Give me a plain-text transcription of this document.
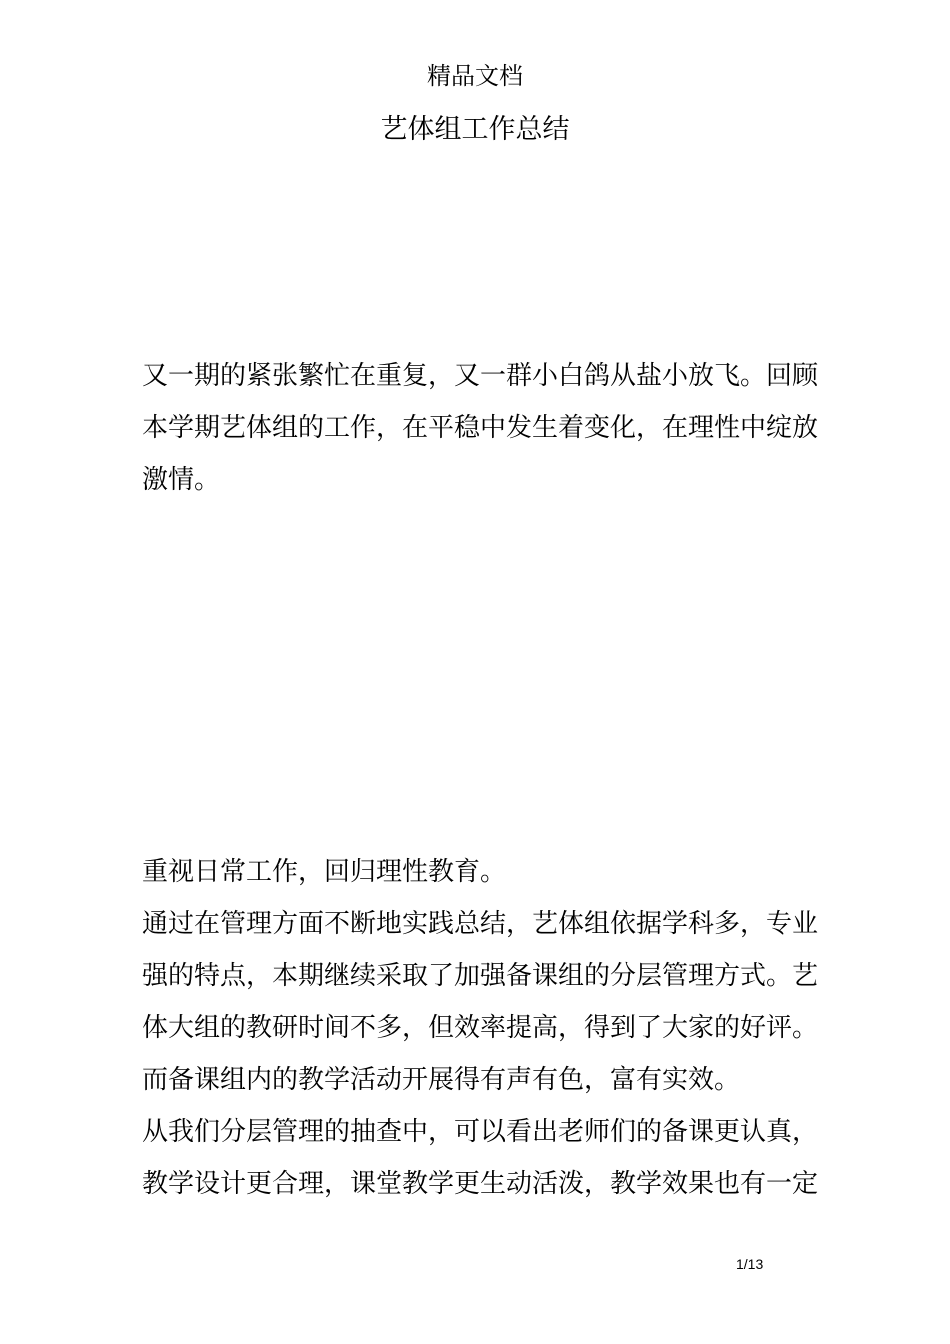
精品文档
艺体组工作总结

又一期的紧张繁忙在重复，又一群小白鸽从盐小放飞。回顾

本学期艺体组的工作，在平稳中发生着变化，在理性中绽放

激情。

重视日常工作，回归理性教育。

通过在管理方面不断地实践总结，艺体组依据学科多，专业

强的特点，本期继续采取了加强备课组的分层管理方式。艺

体大组的教研时间不多，但效率提高，得到了大家的好评。

而备课组内的教学活动开展得有声有色，富有实效。

从我们分层管理的抽查中，可以看出老师们的备课更认真，

教学设计更合理，课堂教学更生动活泼，教学效果也有一定

1/13
